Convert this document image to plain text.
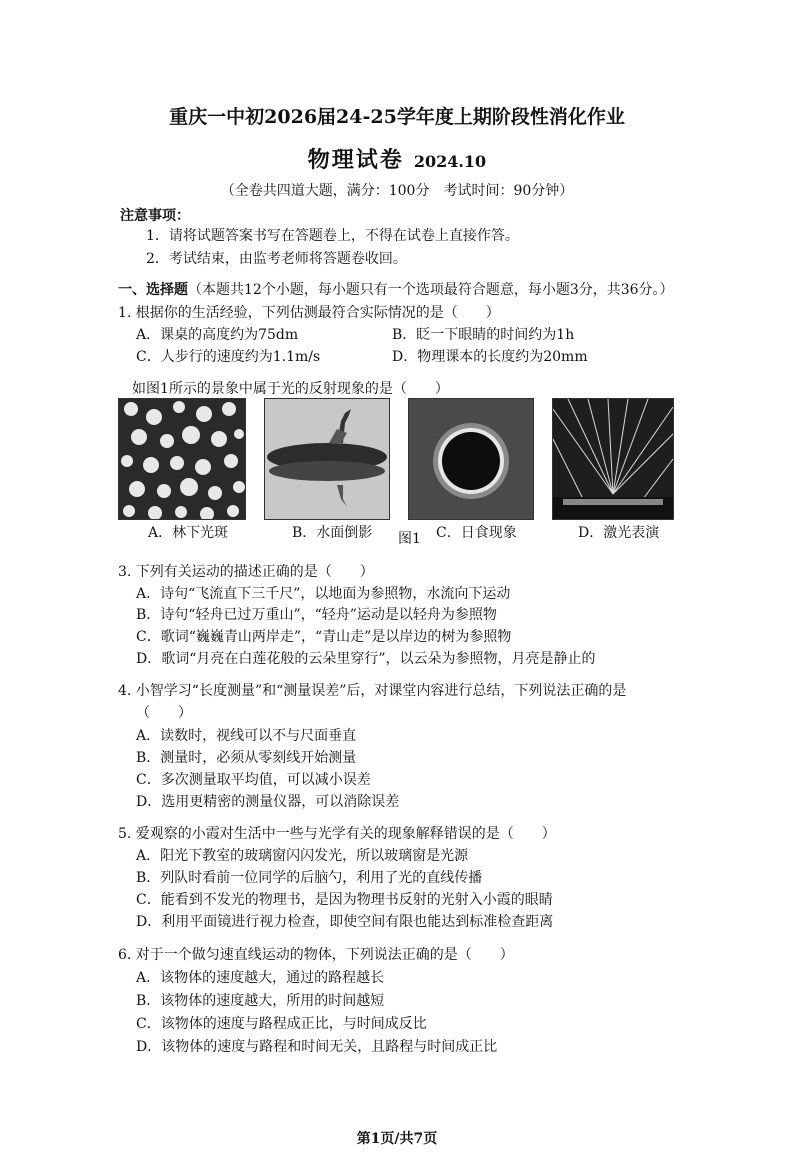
重庆一中初2026届24-25学年度上期阶段性消化作业
物理试卷 2024.10
（全卷共四道大题，满分：100分　考试时间：90分钟）
注意事项：
1．请将试题答案书写在答题卷上，不得在试卷上直接作答。
2．考试结束，由监考老师将答题卷收回。
一、选择题（本题共12个小题，每小题只有一个选项最符合题意，每小题3分，共36分。）
1. 根据你的生活经验，下列估测最符合实际情况的是（　　）
A．课桌的高度约为75dm	B．眨一下眼睛的时间约为1h
C．人步行的速度约为1.1m/s	D．物理课本的长度约为20mm
　如图1所示的景象中属于光的反射现象的是（　　）
A．林下光斑	B．水面倒影 图1 C．日食现象	D．激光表演
3. 下列有关运动的描述正确的是（　　）
A．诗句“飞流直下三千尺”，以地面为参照物，水流向下运动
B．诗句“轻舟已过万重山”，“轻舟”运动是以轻舟为参照物
C．歌词“巍巍青山两岸走”，“青山走”是以岸边的树为参照物
D．歌词“月亮在白莲花般的云朵里穿行”，以云朵为参照物，月亮是静止的
4. 小智学习“长度测量”和“测量误差”后，对课堂内容进行总结，下列说法正确的是
（　　）
A．读数时，视线可以不与尺面垂直
B．测量时，必须从零刻线开始测量
C．多次测量取平均值，可以减小误差
D．选用更精密的测量仪器，可以消除误差
5. 爱观察的小霞对生活中一些与光学有关的现象解释错误的是（　　）
A．阳光下教室的玻璃窗闪闪发光，所以玻璃窗是光源
B．列队时看前一位同学的后脑勺，利用了光的直线传播
C．能看到不发光的物理书，是因为物理书反射的光射入小霞的眼睛
D．利用平面镜进行视力检查，即使空间有限也能达到标准检查距离
6. 对于一个做匀速直线运动的物体，下列说法正确的是（　　）
A．该物体的速度越大，通过的路程越长
B．该物体的速度越大，所用的时间越短
C．该物体的速度与路程成正比，与时间成反比
D．该物体的速度与路程和时间无关，且路程与时间成正比
第1页/共7页
